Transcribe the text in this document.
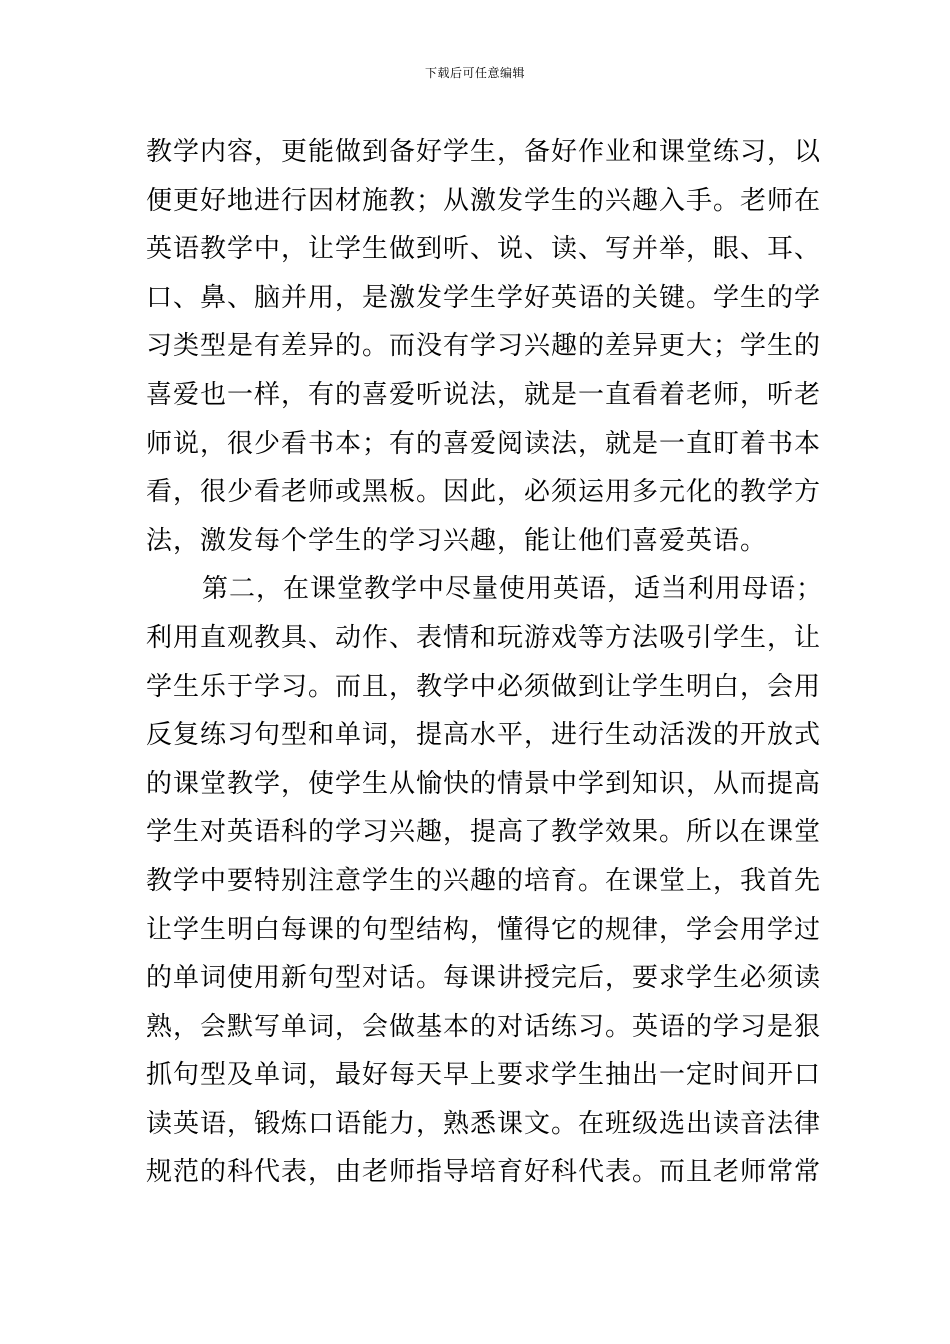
下载后可任意编辑
教学内容，更能做到备好学生，备好作业和课堂练习，以
便更好地进行因材施教；从激发学生的兴趣入手。老师在
英语教学中，让学生做到听、说、读、写并举，眼、耳、
口、鼻、脑并用，是激发学生学好英语的关键。学生的学
习类型是有差异的。而没有学习兴趣的差异更大；学生的
喜爱也一样，有的喜爱听说法，就是一直看着老师，听老
师说，很少看书本；有的喜爱阅读法，就是一直盯着书本
看，很少看老师或黑板。因此，必须运用多元化的教学方
法，激发每个学生的学习兴趣，能让他们喜爱英语。
第二，在课堂教学中尽量使用英语，适当利用母语；
利用直观教具、动作、表情和玩游戏等方法吸引学生，让
学生乐于学习。而且，教学中必须做到让学生明白，会用
反复练习句型和单词，提高水平，进行生动活泼的开放式
的课堂教学，使学生从愉快的情景中学到知识，从而提高
学生对英语科的学习兴趣，提高了教学效果。所以在课堂
教学中要特别注意学生的兴趣的培育。在课堂上，我首先
让学生明白每课的句型结构，懂得它的规律，学会用学过
的单词使用新句型对话。每课讲授完后，要求学生必须读
熟，会默写单词，会做基本的对话练习。英语的学习是狠
抓句型及单词，最好每天早上要求学生抽出一定时间开口
读英语，锻炼口语能力，熟悉课文。在班级选出读音法律
规范的科代表，由老师指导培育好科代表。而且老师常常
